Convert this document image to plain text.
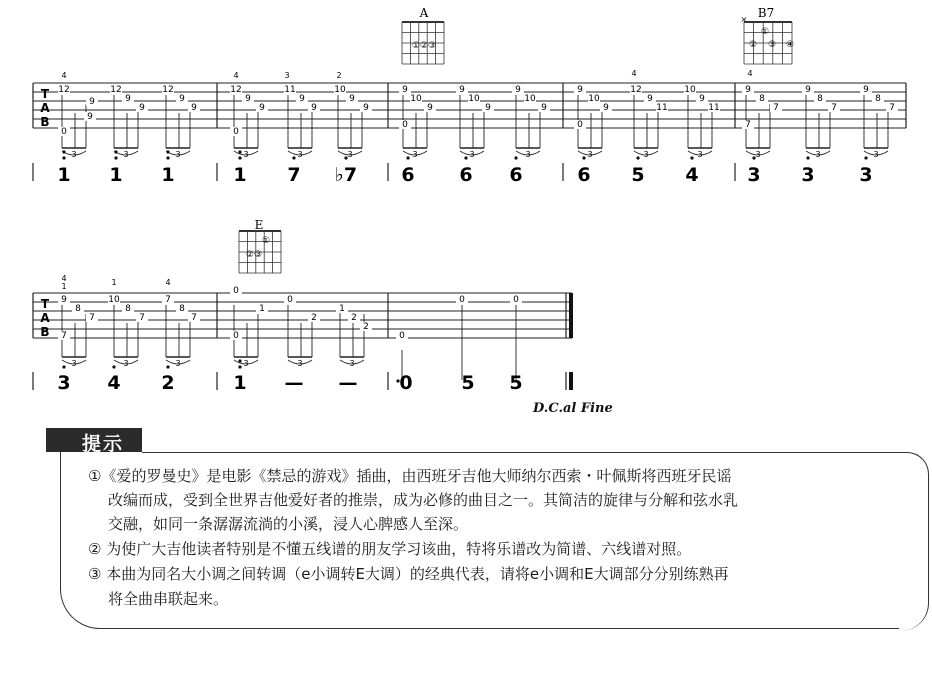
T
A
B
T
A
B
A
①②③
B7
×
①
② ③ ④
E
①
②③
3	3	3	3	3	3	3	3	3	3	3	3	3	3	3
12
9
9
0
12
9
9
12
9
9
12
9
9
0
11
9
9
10
9
9
9
10
9
0
9
10
9
9
10
9
9
10
9
0
12
9
11
10
9
11
9
8
7
7
9
8
7
9
8
7
4	4	3	2	4	4
3	3	3	3	3	3
9
8
7
7
10
8
7
7
8
7
0
1
0
0
2
1
2
2
0
0	0
4	1	4
1
1 1 1	1 7 ♭7 6 6 6	6 5 4	3 3 3
3 4 2	1 — — 0	5 5
D.C.al Fine
提示
①《爱的罗曼史》是电影《禁忌的游戏》插曲，由西班牙吉他大师纳尔西索・叶佩斯将西班牙民谣
改编而成，受到全世界吉他爱好者的推崇，成为必修的曲目之一。其简洁的旋律与分解和弦水乳
交融，如同一条潺潺流淌的小溪，浸人心脾感人至深。
② 为使广大吉他读者特别是不懂五线谱的朋友学习该曲，特将乐谱改为简谱、六线谱对照。
③ 本曲为同名大小调之间转调（e小调转E大调）的经典代表，请将e小调和E大调部分分别练熟再
将全曲串联起来。
